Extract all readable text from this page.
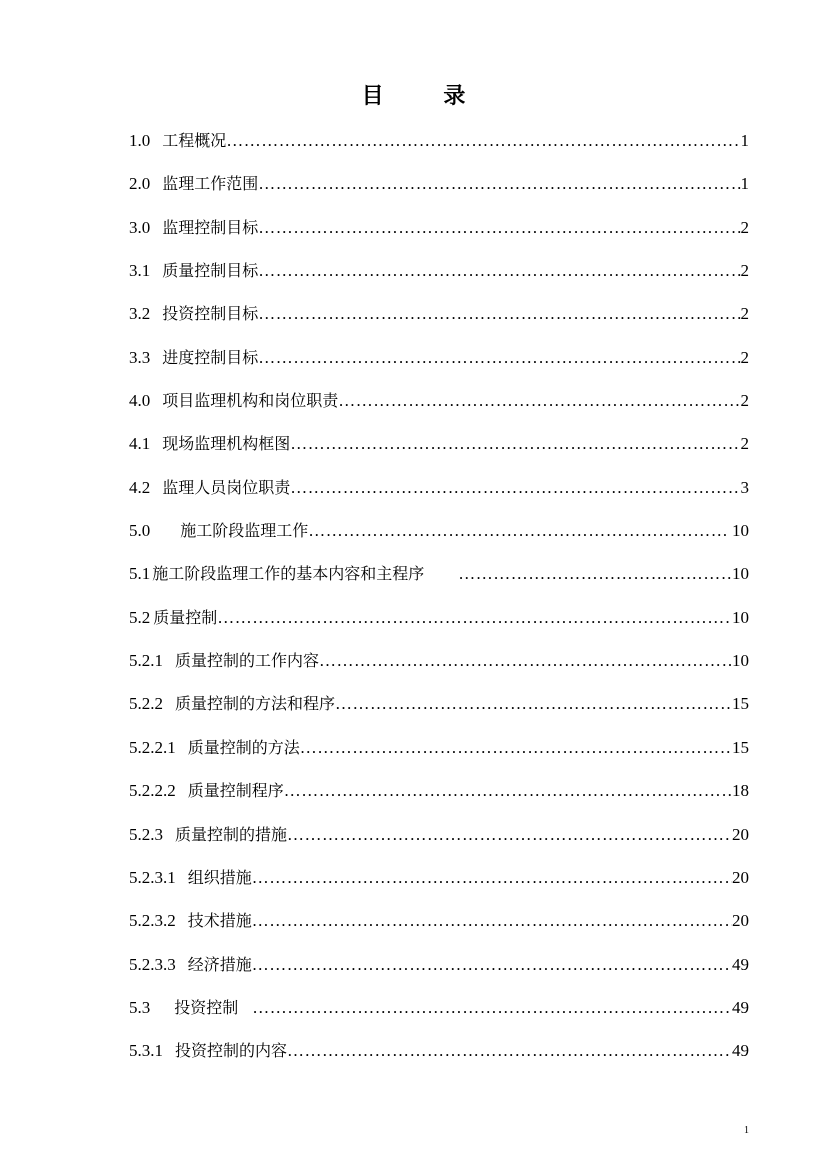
目 录
1.0 工程概况 ……………………………………………………………………………………………………………………………………………………………………………………	1
2.0 监理工作范围 ……………………………………………………………………………………………………………………………………………………………………………………	1
3.0 监理控制目标 ……………………………………………………………………………………………………………………………………………………………………………………	2
3.1 质量控制目标 ……………………………………………………………………………………………………………………………………………………………………………………	2
3.2 投资控制目标 ……………………………………………………………………………………………………………………………………………………………………………………	2
3.3 进度控制目标 ……………………………………………………………………………………………………………………………………………………………………………………	2
4.0 项目监理机构和岗位职责 ……………………………………………………………………………………………………………………………………………………………………………………	2
4.1 现场监理机构框图 ……………………………………………………………………………………………………………………………………………………………………………………	2
4.2 监理人员岗位职责 ……………………………………………………………………………………………………………………………………………………………………………………	3
5.0 施工阶段监理工作 ……………………………………………………………………………………………………………………………………………………………………………………	10
5.1 施工阶段监理工作的基本内容和主程序 ……………………………………………………………………………………………………………………………………………………………………………………	10
5.2 质量控制 ……………………………………………………………………………………………………………………………………………………………………………………	10
5.2.1 质量控制的工作内容 ……………………………………………………………………………………………………………………………………………………………………………………	10
5.2.2 质量控制的方法和程序 ……………………………………………………………………………………………………………………………………………………………………………………	15
5.2.2.1 质量控制的方法 ……………………………………………………………………………………………………………………………………………………………………………………	15
5.2.2.2 质量控制程序 ……………………………………………………………………………………………………………………………………………………………………………………	18
5.2.3 质量控制的措施 ……………………………………………………………………………………………………………………………………………………………………………………	20
5.2.3.1 组织措施 ……………………………………………………………………………………………………………………………………………………………………………………	20
5.2.3.2 技术措施 ……………………………………………………………………………………………………………………………………………………………………………………	20
5.2.3.3 经济措施 ……………………………………………………………………………………………………………………………………………………………………………………	49
5.3 投资控制 ……………………………………………………………………………………………………………………………………………………………………………………	49
5.3.1 投资控制的内容 ……………………………………………………………………………………………………………………………………………………………………………………	49
1
